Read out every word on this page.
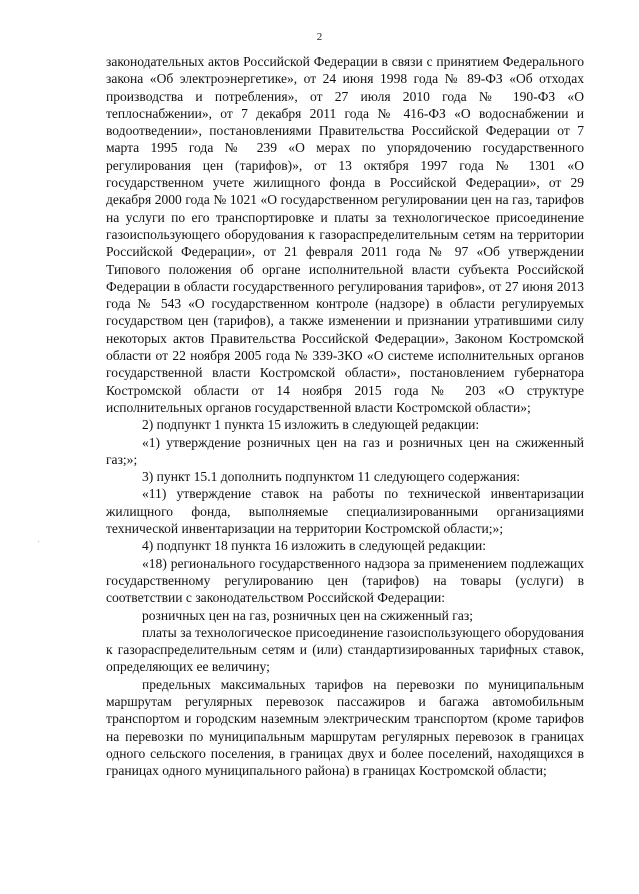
2

законодательных актов Российской Федерации в связи с принятием Федерального закона «Об электроэнергетике», от 24 июня 1998 года № 89-ФЗ «Об отходах производства и потребления», от 27 июля 2010 года № 190-ФЗ «О теплоснабжении», от 7 декабря 2011 года № 416-ФЗ «О водоснабжении и водоотведении», постановлениями Правительства Российской Федерации от 7 марта 1995 года № 239 «О мерах по упорядочению государственного регулирования цен (тарифов)», от 13 октября 1997 года № 1301 «О государственном учете жилищного фонда в Российской Федерации», от 29 декабря 2000 года № 1021 «О государственном регулировании цен на газ, тарифов на услуги по его транспортировке и платы за технологическое присоединение газоиспользующего оборудования к газораспределительным сетям на территории Российской Федерации», от 21 февраля 2011 года № 97 «Об утверждении Типового положения об органе исполнительной власти субъекта Российской Федерации в области государственного регулирования тарифов», от 27 июня 2013 года № 543 «О государственном контроле (надзоре) в области регулируемых государством цен (тарифов), а также изменении и признании утратившими силу некоторых актов Правительства Российской Федерации», Законом Костромской области от 22 ноября 2005 года № 339-ЗКО «О системе исполнительных органов государственной власти Костромской области», постановлением губернатора Костромской области от 14 ноября 2015 года № 203 «О структуре исполнительных органов государственной власти Костромской области»;

2) подпункт 1 пункта 15 изложить в следующей редакции:

«1) утверждение розничных цен на газ и розничных цен на сжиженный газ;»;

3) пункт 15.1 дополнить подпунктом 11 следующего содержания:

«11) утверждение ставок на работы по технической инвентаризации жилищного фонда, выполняемые специализированными организациями технической инвентаризации на территории Костромской области;»;

4) подпункт 18 пункта 16 изложить в следующей редакции:

«18) регионального государственного надзора за применением подлежащих государственному регулированию цен (тарифов) на товары (услуги) в соответствии с законодательством Российской Федерации:

розничных цен на газ, розничных цен на сжиженный газ;

платы за технологическое присоединение газоиспользующего оборудования к газораспределительным сетям и (или) стандартизированных тарифных ставок, определяющих ее величину;

предельных максимальных тарифов на перевозки по муниципальным маршрутам регулярных перевозок пассажиров и багажа автомобильным транспортом и городским наземным электрическим транспортом (кроме тарифов на перевозки по муниципальным маршрутам регулярных перевозок в границах одного сельского поселения, в границах двух и более поселений, находящихся в границах одного муниципального района) в границах Костромской области;
